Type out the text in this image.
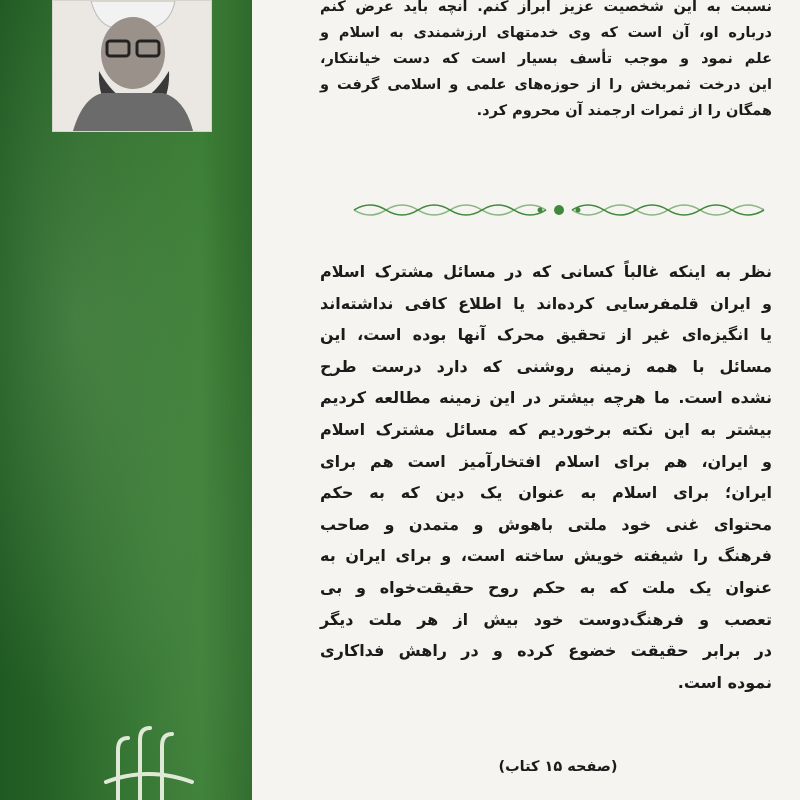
نسبت به این شخصیت عزیز ابراز کنم. آنچه باید عرض کنم
درباره او، آن است که وی خدمتهای ارزشمندی به اسلام و
علم نمود و موجب تأسف بسیار است که دست خیانتکار،
این درخت ثمربخش را از حوزه‌های علمی و اسلامی گرفت و
همگان را از ثمرات ارجمند آن محروم کرد.
نظر به اینکه غالباً کسانی که در مسائل مشترک اسلام
و ایران قلمفرسایی کرده‌اند یا اطلاع کافی نداشته‌اند
یا انگیزه‌ای غیر از تحقیق محرک آنها بوده است، این
مسائل با همه زمینه روشنی که دارد درست طرح
نشده است. ما هرچه بیشتر در این زمینه مطالعه کردیم
بیشتر به این نکته برخوردیم که مسائل مشترک اسلام
و ایران، هم برای اسلام افتخارآمیز است هم برای
ایران؛ برای اسلام به عنوان یک دین که به حکم
محتوای غنی خود ملتی باهوش و متمدن و صاحب
فرهنگ را شیفته خویش ساخته است، و برای ایران به
عنوان یک ملت که به حکم روح حقیقت‌خواه و بی
تعصب و فرهنگ‌دوست خود بیش از هر ملت دیگر
در برابر حقیقت خضوع کرده و در راهش فداکاری
نموده است.
(صفحه ۱۵ کتاب)
